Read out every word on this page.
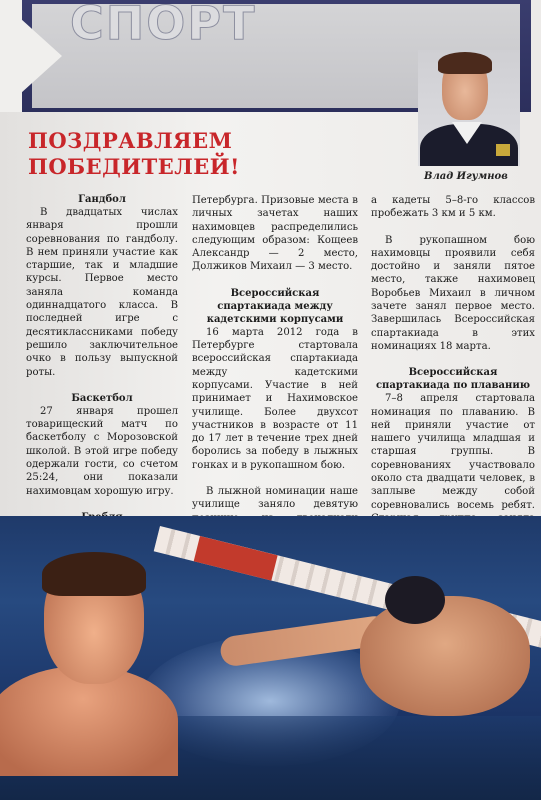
СПОРТ
Влад Игумнов
ПОЗДРАВЛЯЕМ
ПОБЕДИТЕЛЕЙ!
Гандбол

В двадцатых числах января прошли соревнования по гандболу. В нем приняли участие как старшие, так и младшие курсы. Первое место заняла команда одиннадцатого класса. В последней игре с десятиклассниками победу решило заключительное очко в пользу выпускной роты.

Баскетбол

27 января прошел товарищеский матч по баскетболу с Морозовской школой. В этой игре победу одержали гости, со счетом 25:24, они показали нахимовцам хорошую игру.

Петербурга. Призовые места в личных зачетах наших нахимовцев распределились следующим образом: Кощеев Александр — 2 место, Должиков Михаил — 3 место.

Всероссийская спартакиада между кадетскими корпусами

16 марта 2012 года в Петербурге стартовала всероссийская спартакиада между кадетскими корпусами. Участие в ней принимает и Нахимовское училище. Более двухсот участников в возрасте от 11 до 17 лет в течение трех дней боролись за победу в лыжных гонках и в рукопашном бою.

В лыжной номинации наше училище заняло девятую

а кадеты 5–8-го классов пробежать 3 км и 5 км.

В рукопашном бою нахимовцы проявили себя достойно и заняли пятое место, также нахимовец Воробьев Михаил в личном зачете занял первое место. Завершилась Всероссийская спартакиада в этих номинациях 18 марта.

Всероссийская спартакиада по плаванию

7–8 апреля стартовала номинация по плаванию. В ней приняли участие от нашего училища младшая и старшая группы. В соревнованиях участвовало около ста двадцати человек, в заплыве между собой соревновались восемь ребят.
